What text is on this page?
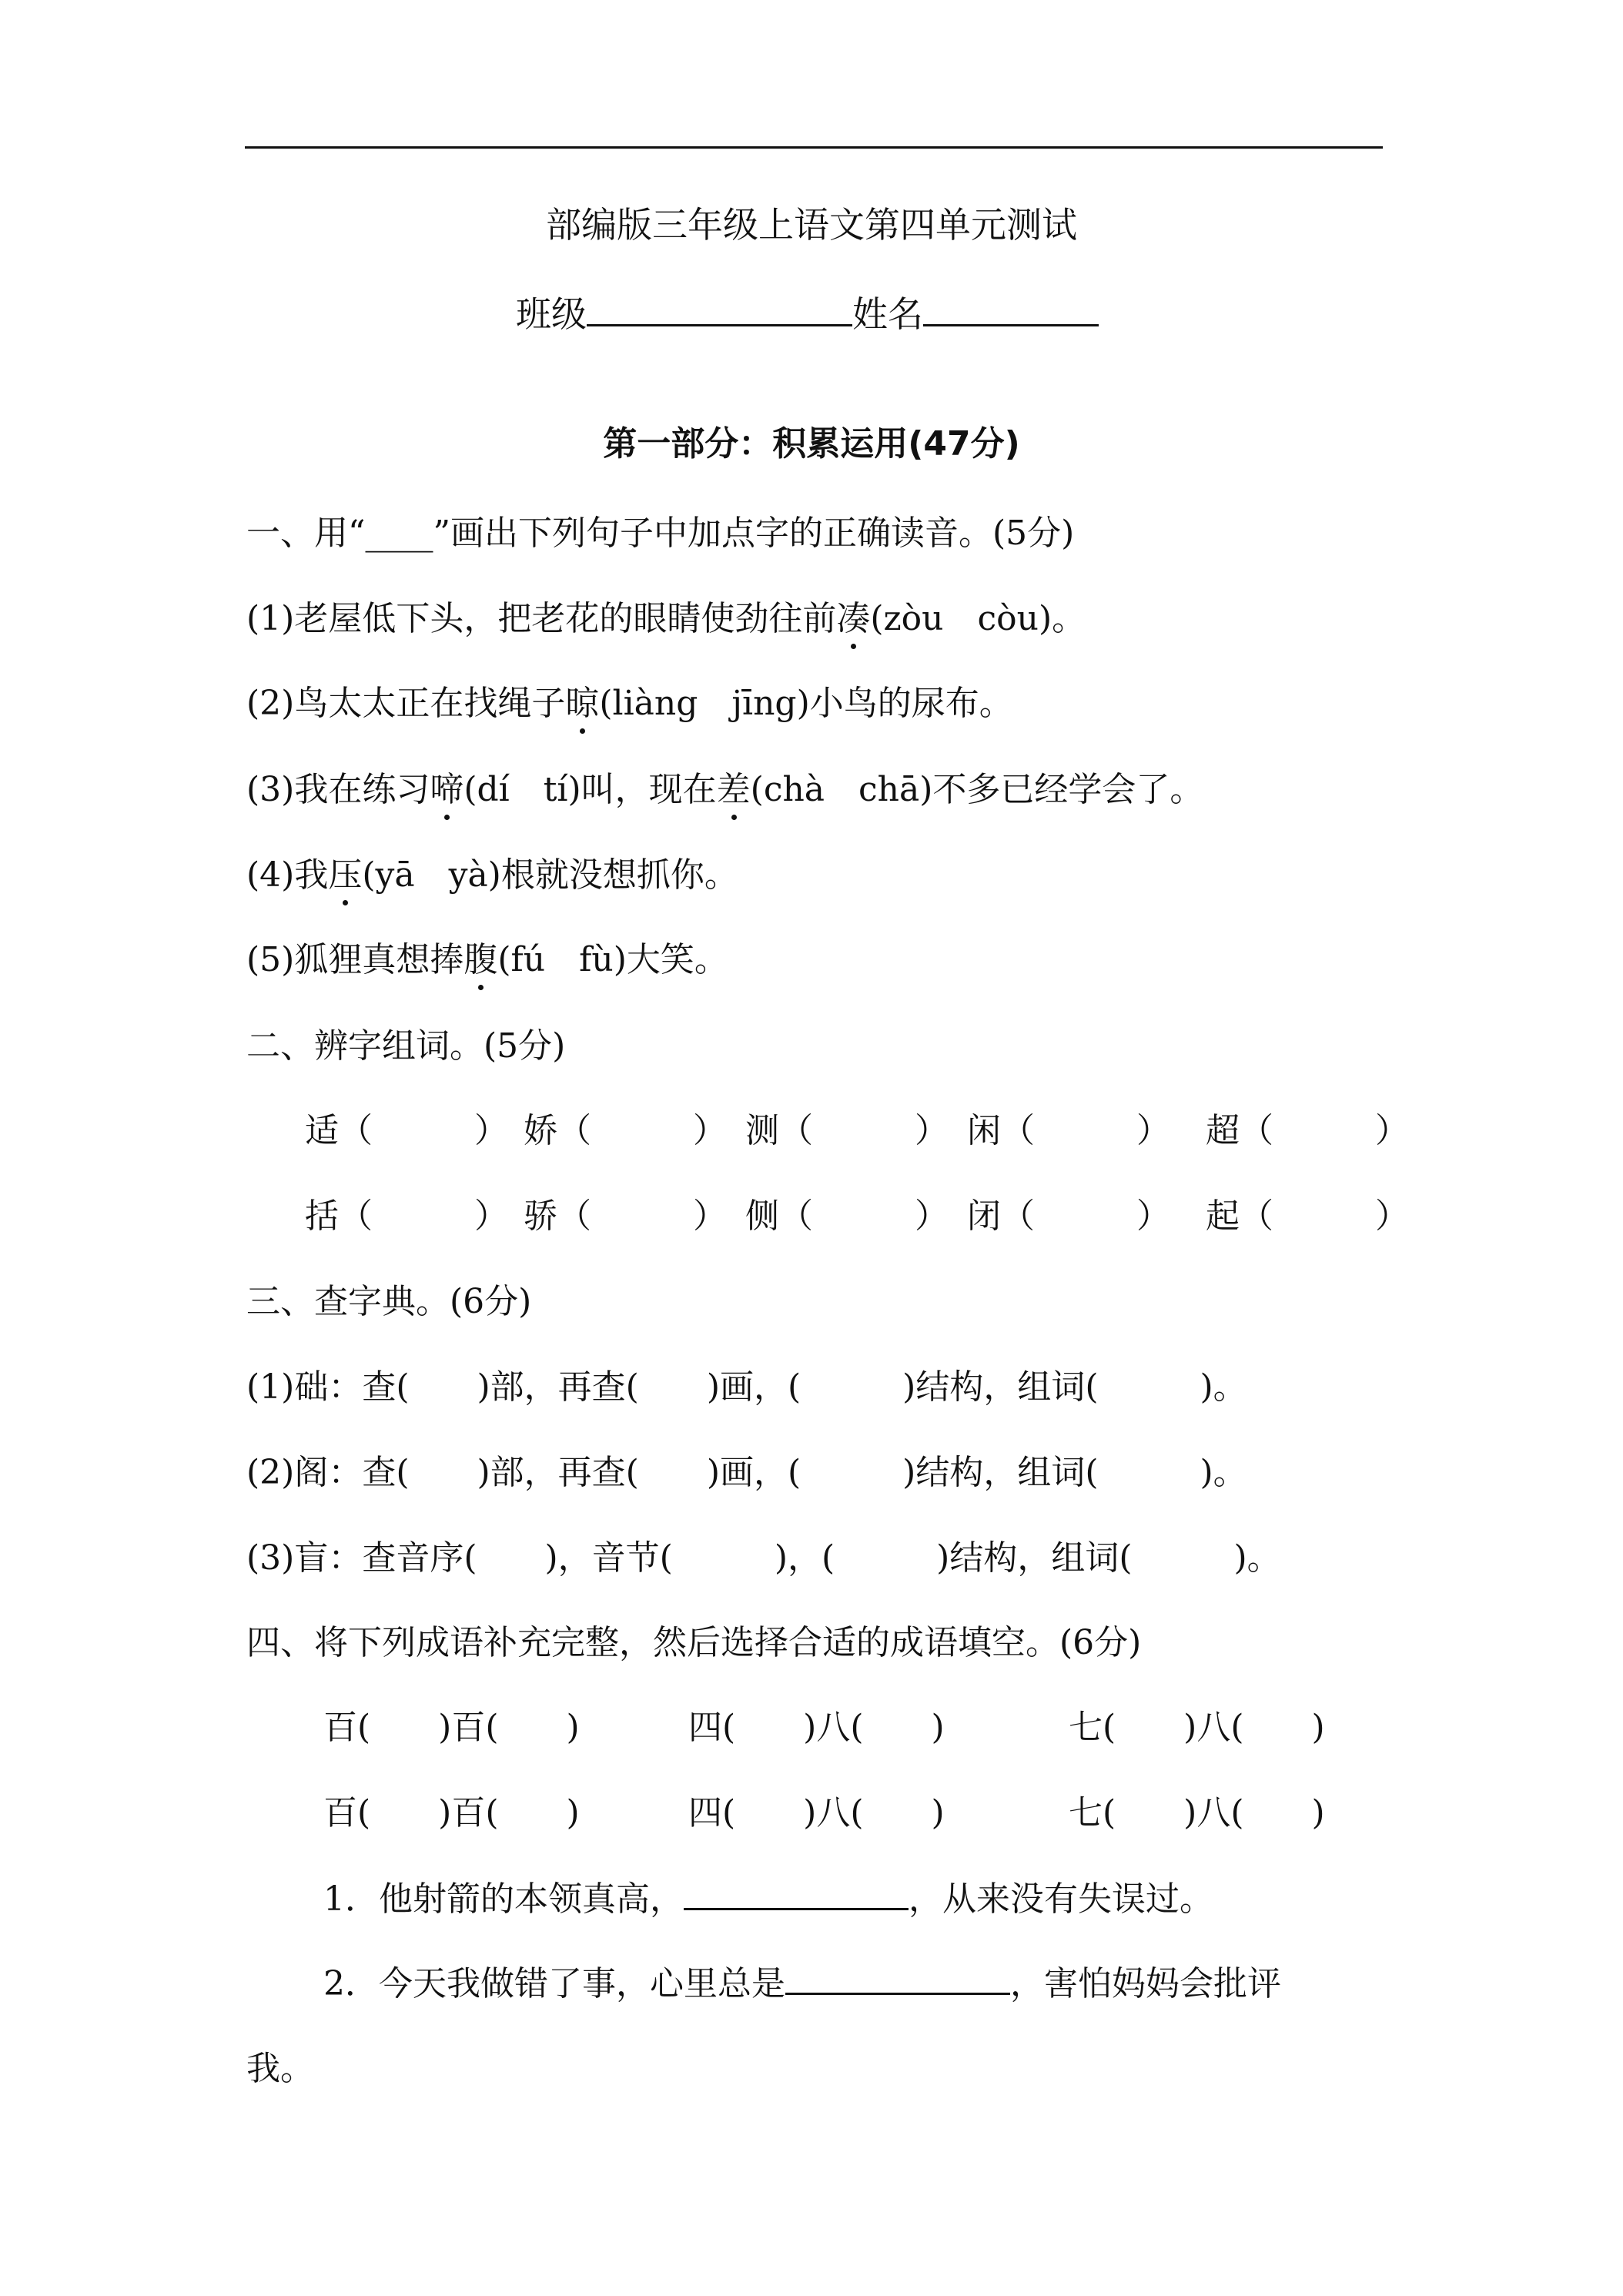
部编版三年级上语文第四单元测试
班级	姓名
第一部分：积累运用(47分)
一、用“____”画出下列句子中加点字的正确读音。(5分)
(1)老屋低下头，把老花的眼睛使劲往前凑(zòu　còu)。
(2)鸟太太正在找绳子晾(liàng　jīng)小鸟的尿布。
(3)我在练习啼(dí　tí)叫，现在差(chà　chā)不多已经学会了。
(4)我压(yā　yà)根就没想抓你。
(5)狐狸真想捧腹(fú　fù)大笑。
二、辨字组词。(5分)
适（　　　） 娇（　　　） 测（　　　） 闲（　　　） 超（　　　）
括（　　　） 骄（　　　） 侧（　　　） 闭（　　　） 起（　　　）
三、查字典。(6分)
(1)础：查(　　)部，再查(　　)画，(　　　)结构，组词(　　　)。
(2)阁：查(　　)部，再查(　　)画，(　　　)结构，组词(　　　)。
(3)盲：查音序(　　)，音节(　　　)，(　　　)结构，组词(　　　)。
四、将下列成语补充完整，然后选择合适的成语填空。(6分)
百(　　)百(　　)	四(　　)八(　　)	七(　　)八(　　)
百(　　)百(　　)	四(　　)八(　　)	七(　　)八(　　)
1．他射箭的本领真高，	，从来没有失误过。
2．今天我做错了事，心里总是	，害怕妈妈会批评
我。
